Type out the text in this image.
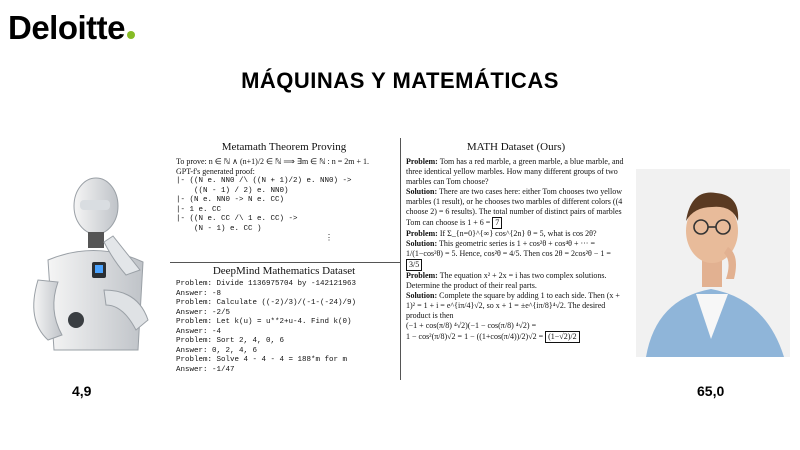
Deloitte
MÁQUINAS Y MATEMÁTICAS
4,9	65,0
Metamath Theorem Proving
To prove: n ∈ ℕ ∧ (n+1)/2 ∈ ℕ ⟹ ∃m ∈ ℕ : n = 2m + 1.
GPT-f's generated proof:
|- ((N e. NN0 /\ ((N + 1)/2) e. NN0) ->
((N - 1) / 2) e. NN0)
|- (N e. NN0 -> N e. CC)
|- 1 e. CC
|- ((N e. CC /\ 1 e. CC) ->
(N - 1) e. CC )
⋮
DeepMind Mathematics Dataset
Problem: Divide 1136975704 by -142121963
Answer: -8
Problem: Calculate ((-2)/3)/(-1-(-24)/9)
Answer: -2/5
Problem: Let k(u) = u**2+u-4. Find k(0)
Answer: -4
Problem: Sort 2, 4, 0, 6
Answer: 0, 2, 4, 6
Problem: Solve 4 - 4 - 4 = 188*m for m
Answer: -1/47
MATH Dataset (Ours)
Problem: Tom has a red marble, a green marble, a blue marble, and three identical yellow marbles. How many different groups of two marbles can Tom choose?
Solution: There are two cases here: either Tom chooses two yellow marbles (1 result), or he chooses two marbles of different colors ((4 choose 2) = 6 results). The total number of distinct pairs of marbles Tom can choose is 1 + 6 = 7
Problem: If Σ_{n=0}^{∞} cos^{2n} θ = 5, what is cos 2θ?
Solution: This geometric series is 1 + cos²θ + cos⁴θ + ··· = 1/(1−cos²θ) = 5. Hence, cos²θ = 4/5. Then cos 2θ = 2cos²θ − 1 = 3/5
Problem: The equation x² + 2x = i has two complex solutions. Determine the product of their real parts.
Solution: Complete the square by adding 1 to each side. Then (x + 1)² = 1 + i = e^{iπ/4}√2, so x + 1 = ±e^{iπ/8}⁴√2. The desired product is then
(−1 + cos(π/8) ⁴√2)(−1 − cos(π/8) ⁴√2) =
1 − cos²(π/8)√2 = 1 − ((1+cos(π/4))/2)√2 = (1−√2)/2
